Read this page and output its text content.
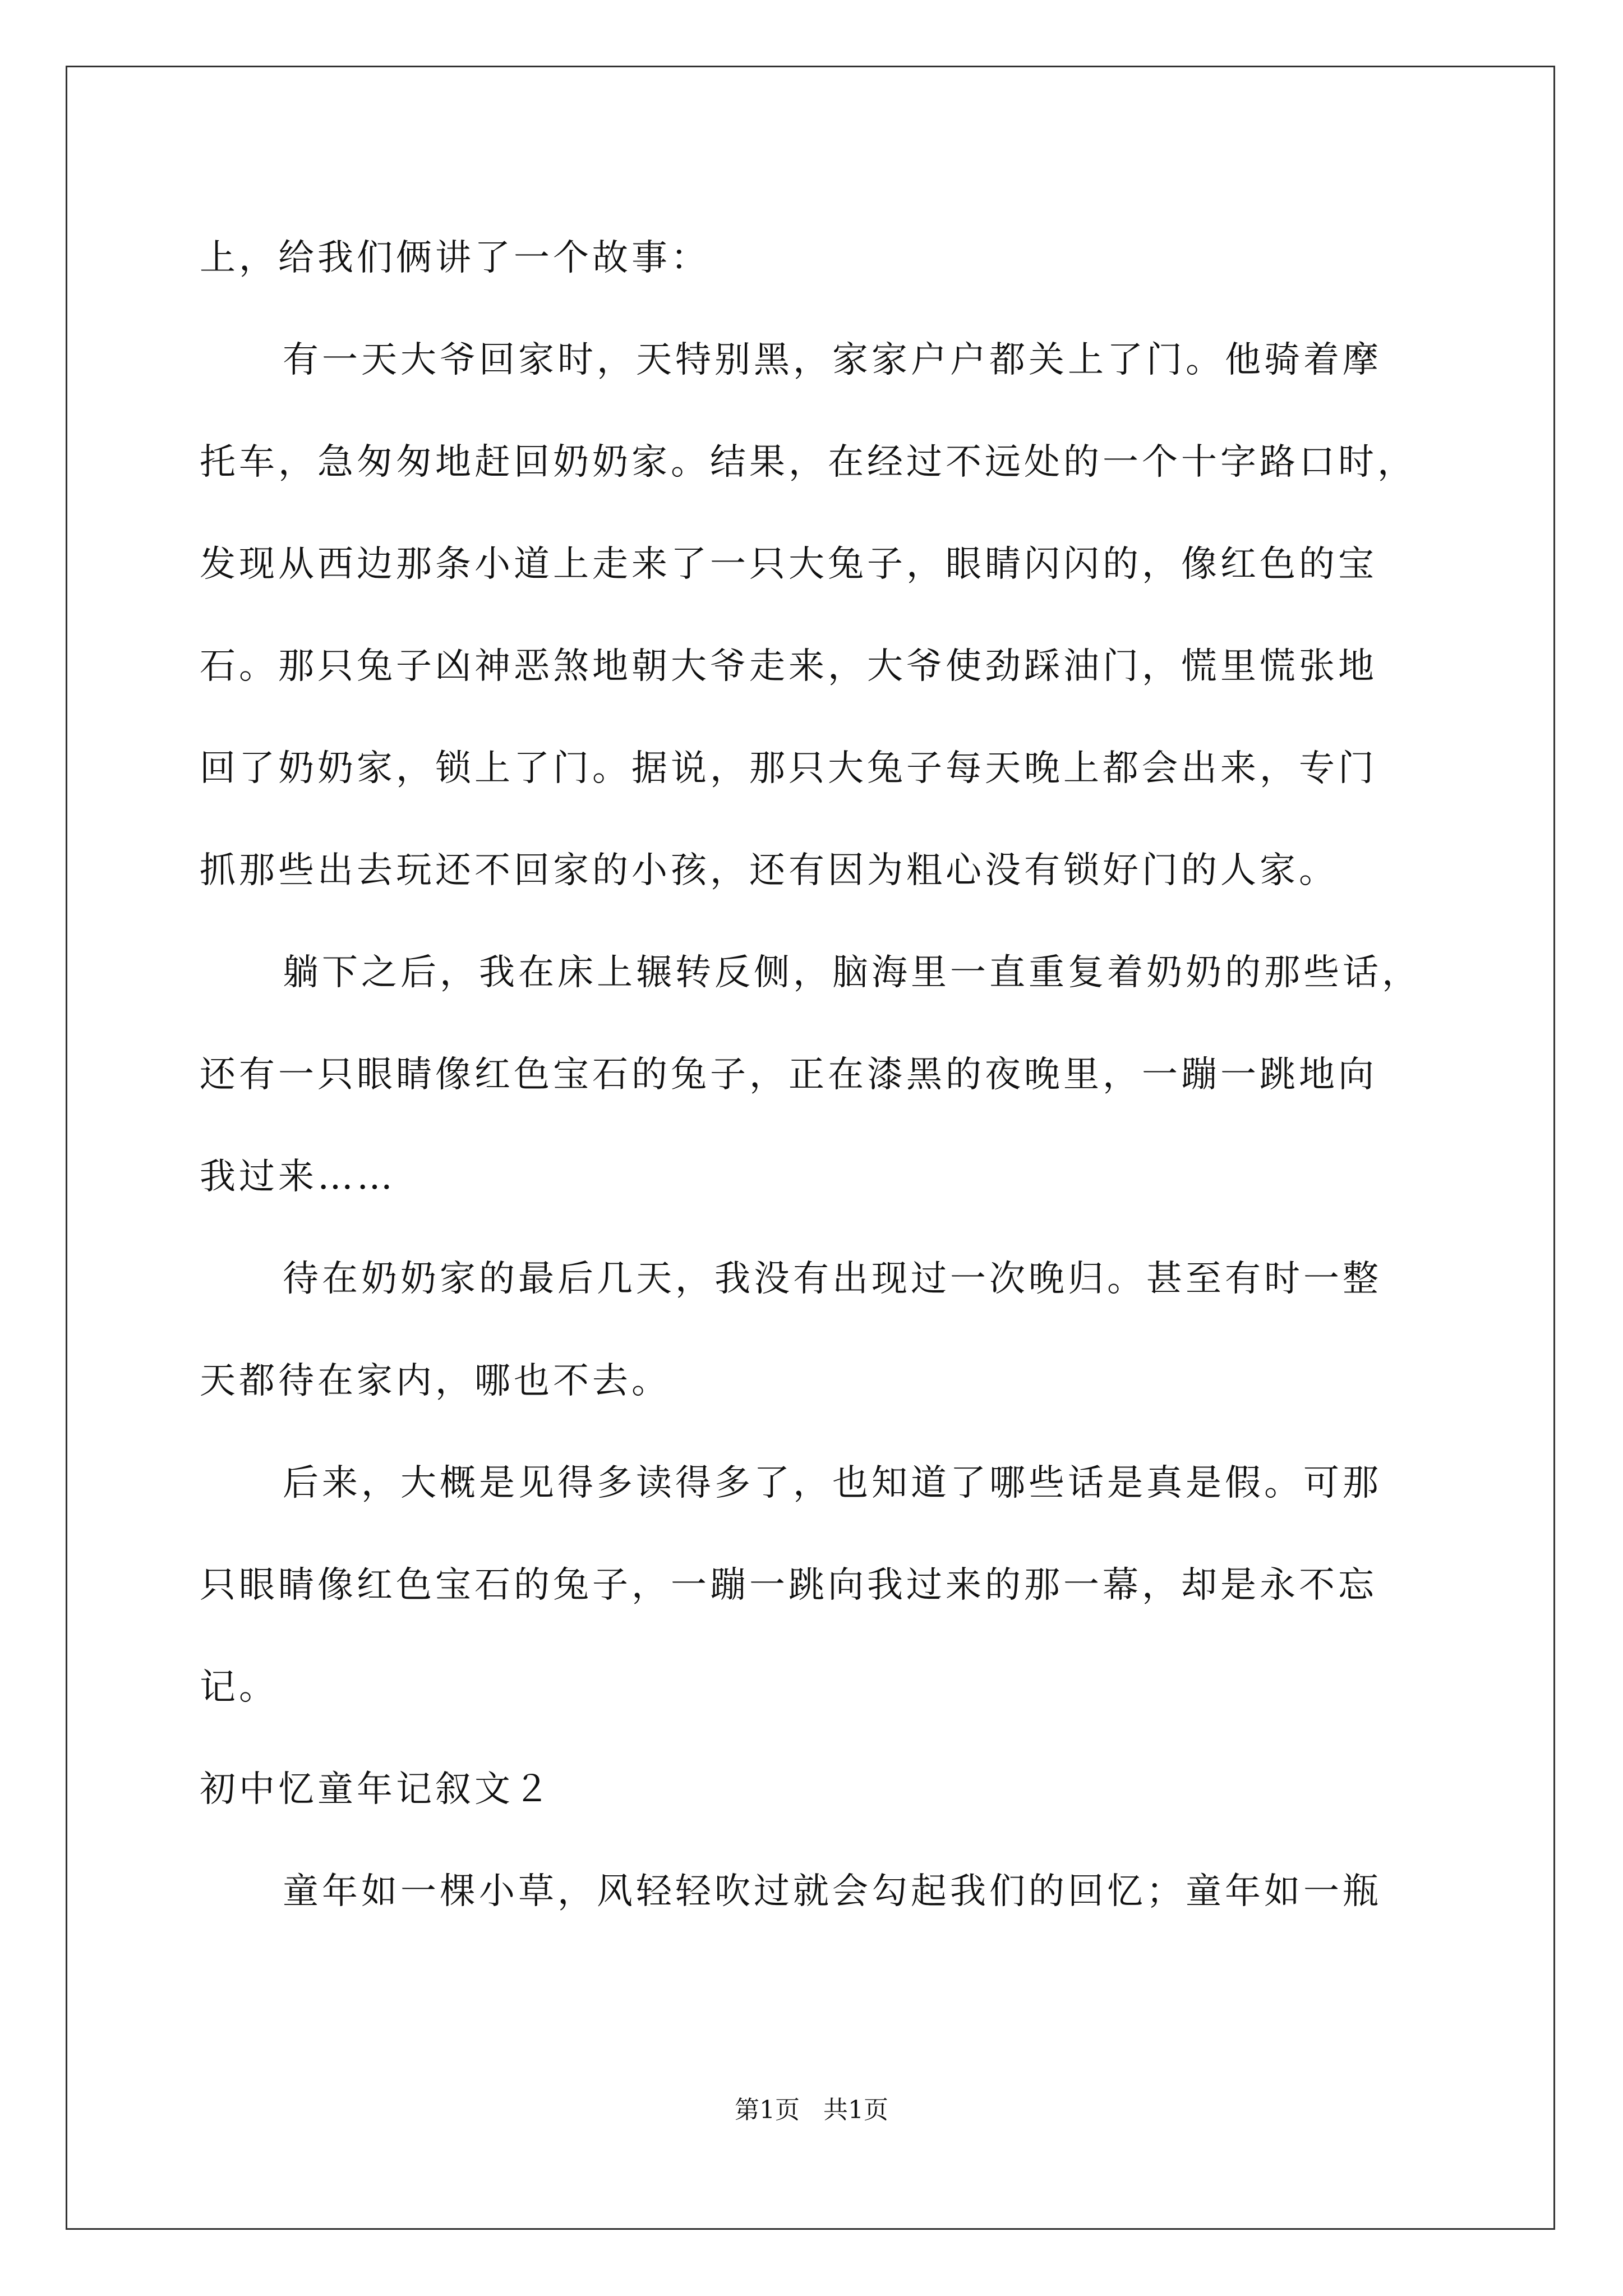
上，给我们俩讲了一个故事：
有一天大爷回家时，天特别黑，家家户户都关上了门。他骑着摩
托车，急匆匆地赶回奶奶家。结果，在经过不远处的一个十字路口时，
发现从西边那条小道上走来了一只大兔子，眼睛闪闪的，像红色的宝
石。那只兔子凶神恶煞地朝大爷走来，大爷使劲踩油门，慌里慌张地
回了奶奶家，锁上了门。据说，那只大兔子每天晚上都会出来，专门
抓那些出去玩还不回家的小孩，还有因为粗心没有锁好门的人家。
躺下之后，我在床上辗转反侧，脑海里一直重复着奶奶的那些话，
还有一只眼睛像红色宝石的兔子，正在漆黑的夜晚里，一蹦一跳地向
我过来……
待在奶奶家的最后几天，我没有出现过一次晚归。甚至有时一整
天都待在家内，哪也不去。
后来，大概是见得多读得多了，也知道了哪些话是真是假。可那
只眼睛像红色宝石的兔子，一蹦一跳向我过来的那一幕，却是永不忘
记。
初中忆童年记叙文２
童年如一棵小草，风轻轻吹过就会勾起我们的回忆；童年如一瓶
第1页   共1页
